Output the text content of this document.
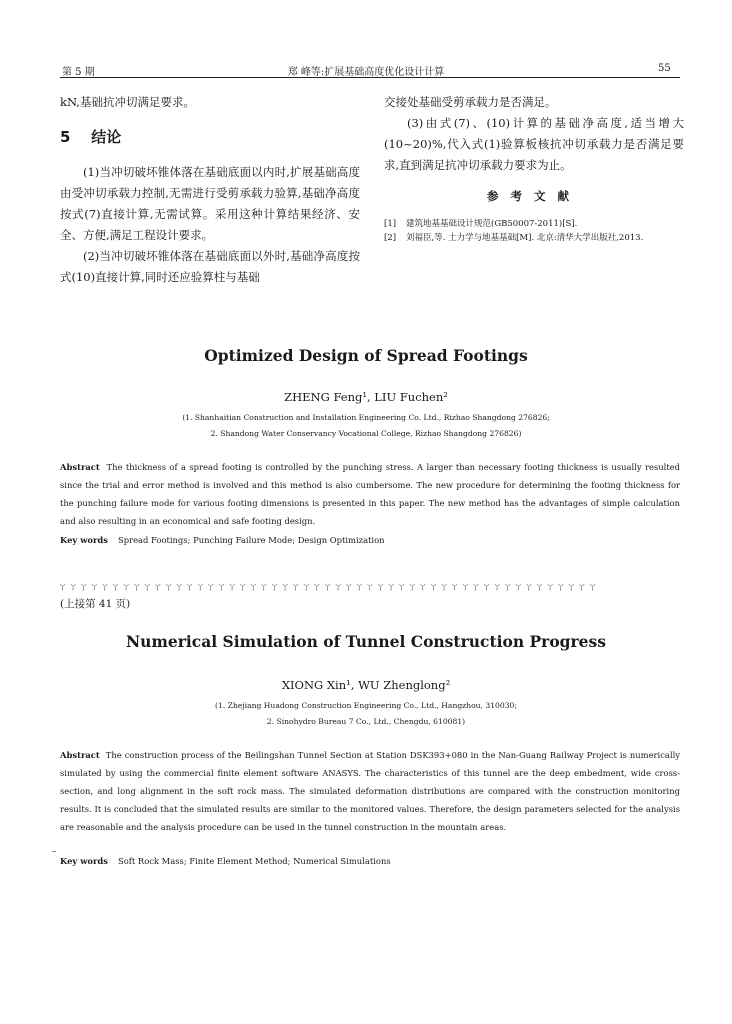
第 5 期	郑 峰等:扩展基础高度优化设计计算	55

kN,基础抗冲切满足要求。

5 结论

(1)当冲切破坏锥体落在基础底面以内时,扩展基础高度由受冲切承载力控制,无需进行受剪承载力验算,基础净高度按式(7)直接计算,无需试算。采用这种计算结果经济、安全、方便,满足工程设计要求。

(2)当冲切破坏锥体落在基础底面以外时,基础净高度按式(10)直接计算,同时还应验算柱与基础

交接处基础受剪承载力是否满足。

(3)由式(7)、(10)计算的基础净高度,适当增大(10~20)%,代入式(1)验算板核抗冲切承载力是否满足要求,直到满足抗冲切承载力要求为止。

参考文献
[1]	建筑地基基础设计规范(GB50007-2011)[S].
[2]	刘福臣,等. 土力学与地基基础[M]. 北京:清华大学出版社,2013.
Optimized Design of Spread Footings
ZHENG Feng¹, LIU Fuchen²
(1. Shanhaitian Construction and Installation Engineering Co. Ltd., Rizhao Shangdong 276826;
2. Shandong Water Conservancy Vocational College, Rizhao Shangdong 276826)
Abstract The thickness of a spread footing is controlled by the punching stress. A larger than necessary footing thickness is usually resulted since the trial and error method is involved and this method is also cumbersome. The new procedure for determining the footing thickness for the punching failure mode for various footing dimensions is presented in this paper. The new method has the advantages of simple calculation and also resulting in an economical and safe footing design.
Key words Spread Footings; Punching Failure Mode; Design Optimization
ㄚㄚㄚㄚㄚㄚㄚㄚㄚㄚㄚㄚㄚㄚㄚㄚㄚㄚㄚㄚㄚㄚㄚㄚㄚㄚㄚㄚㄚㄚㄚㄚㄚㄚㄚㄚㄚㄚㄚㄚㄚㄚㄚㄚㄚㄚㄚㄚㄚㄚㄚ
(上接第 41 页)
Numerical Simulation of Tunnel Construction Progress
XIONG Xin¹, WU Zhenglong²
(1. Zhejiang Huadong Construction Engineering Co., Ltd., Hangzhou, 310030;
2. Sinohydro Bureau 7 Co., Ltd., Chengdu, 610081)
Abstract The construction process of the Beilingshan Tunnel Section at Station DSK393+080 in the Nan-Guang Railway Project is numerically simulated by using the commercial finite element software ANASYS. The characteristics of this tunnel are the deep embedment, wide cross-section, and long alignment in the soft rock mass. The simulated deformation distributions are compared with the construction monitoring results. It is concluded that the simulated results are similar to the monitored values. Therefore, the design parameters selected for the analysis are reasonable and the analysis procedure can be used in the tunnel construction in the mountain areas.
Key words Soft Rock Mass; Finite Element Method; Numerical Simulations
